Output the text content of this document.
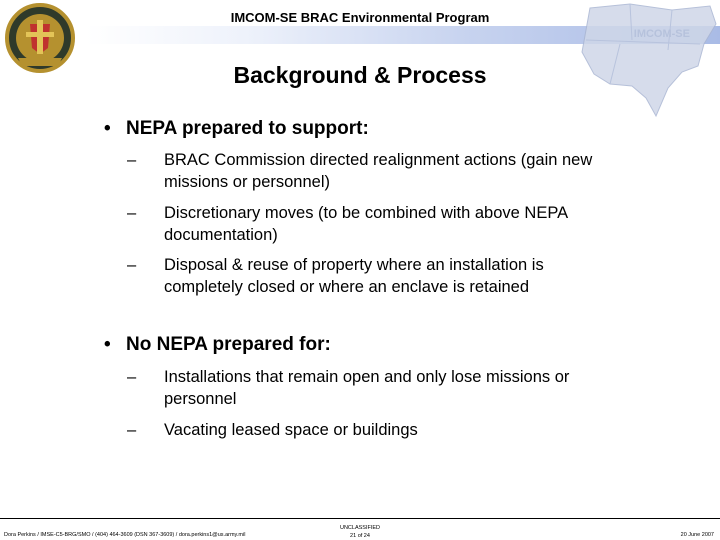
IMCOM-SE BRAC Environmental Program
Background & Process
• NEPA prepared to support:
– BRAC Commission directed realignment actions (gain new missions or personnel)
– Discretionary moves (to be combined with above NEPA documentation)
– Disposal & reuse of property where an installation is completely closed or where an enclave is retained
• No NEPA prepared for:
– Installations that remain open and only lose missions or personnel
– Vacating leased space or buildings
Dora Perkins / IMSE-C5-BRG/SMO / (404) 464-3609 (DSN 367-3609) / dora.perkins1@us.army.mil
UNCLASSIFIED
21 of 24	20 June 2007
